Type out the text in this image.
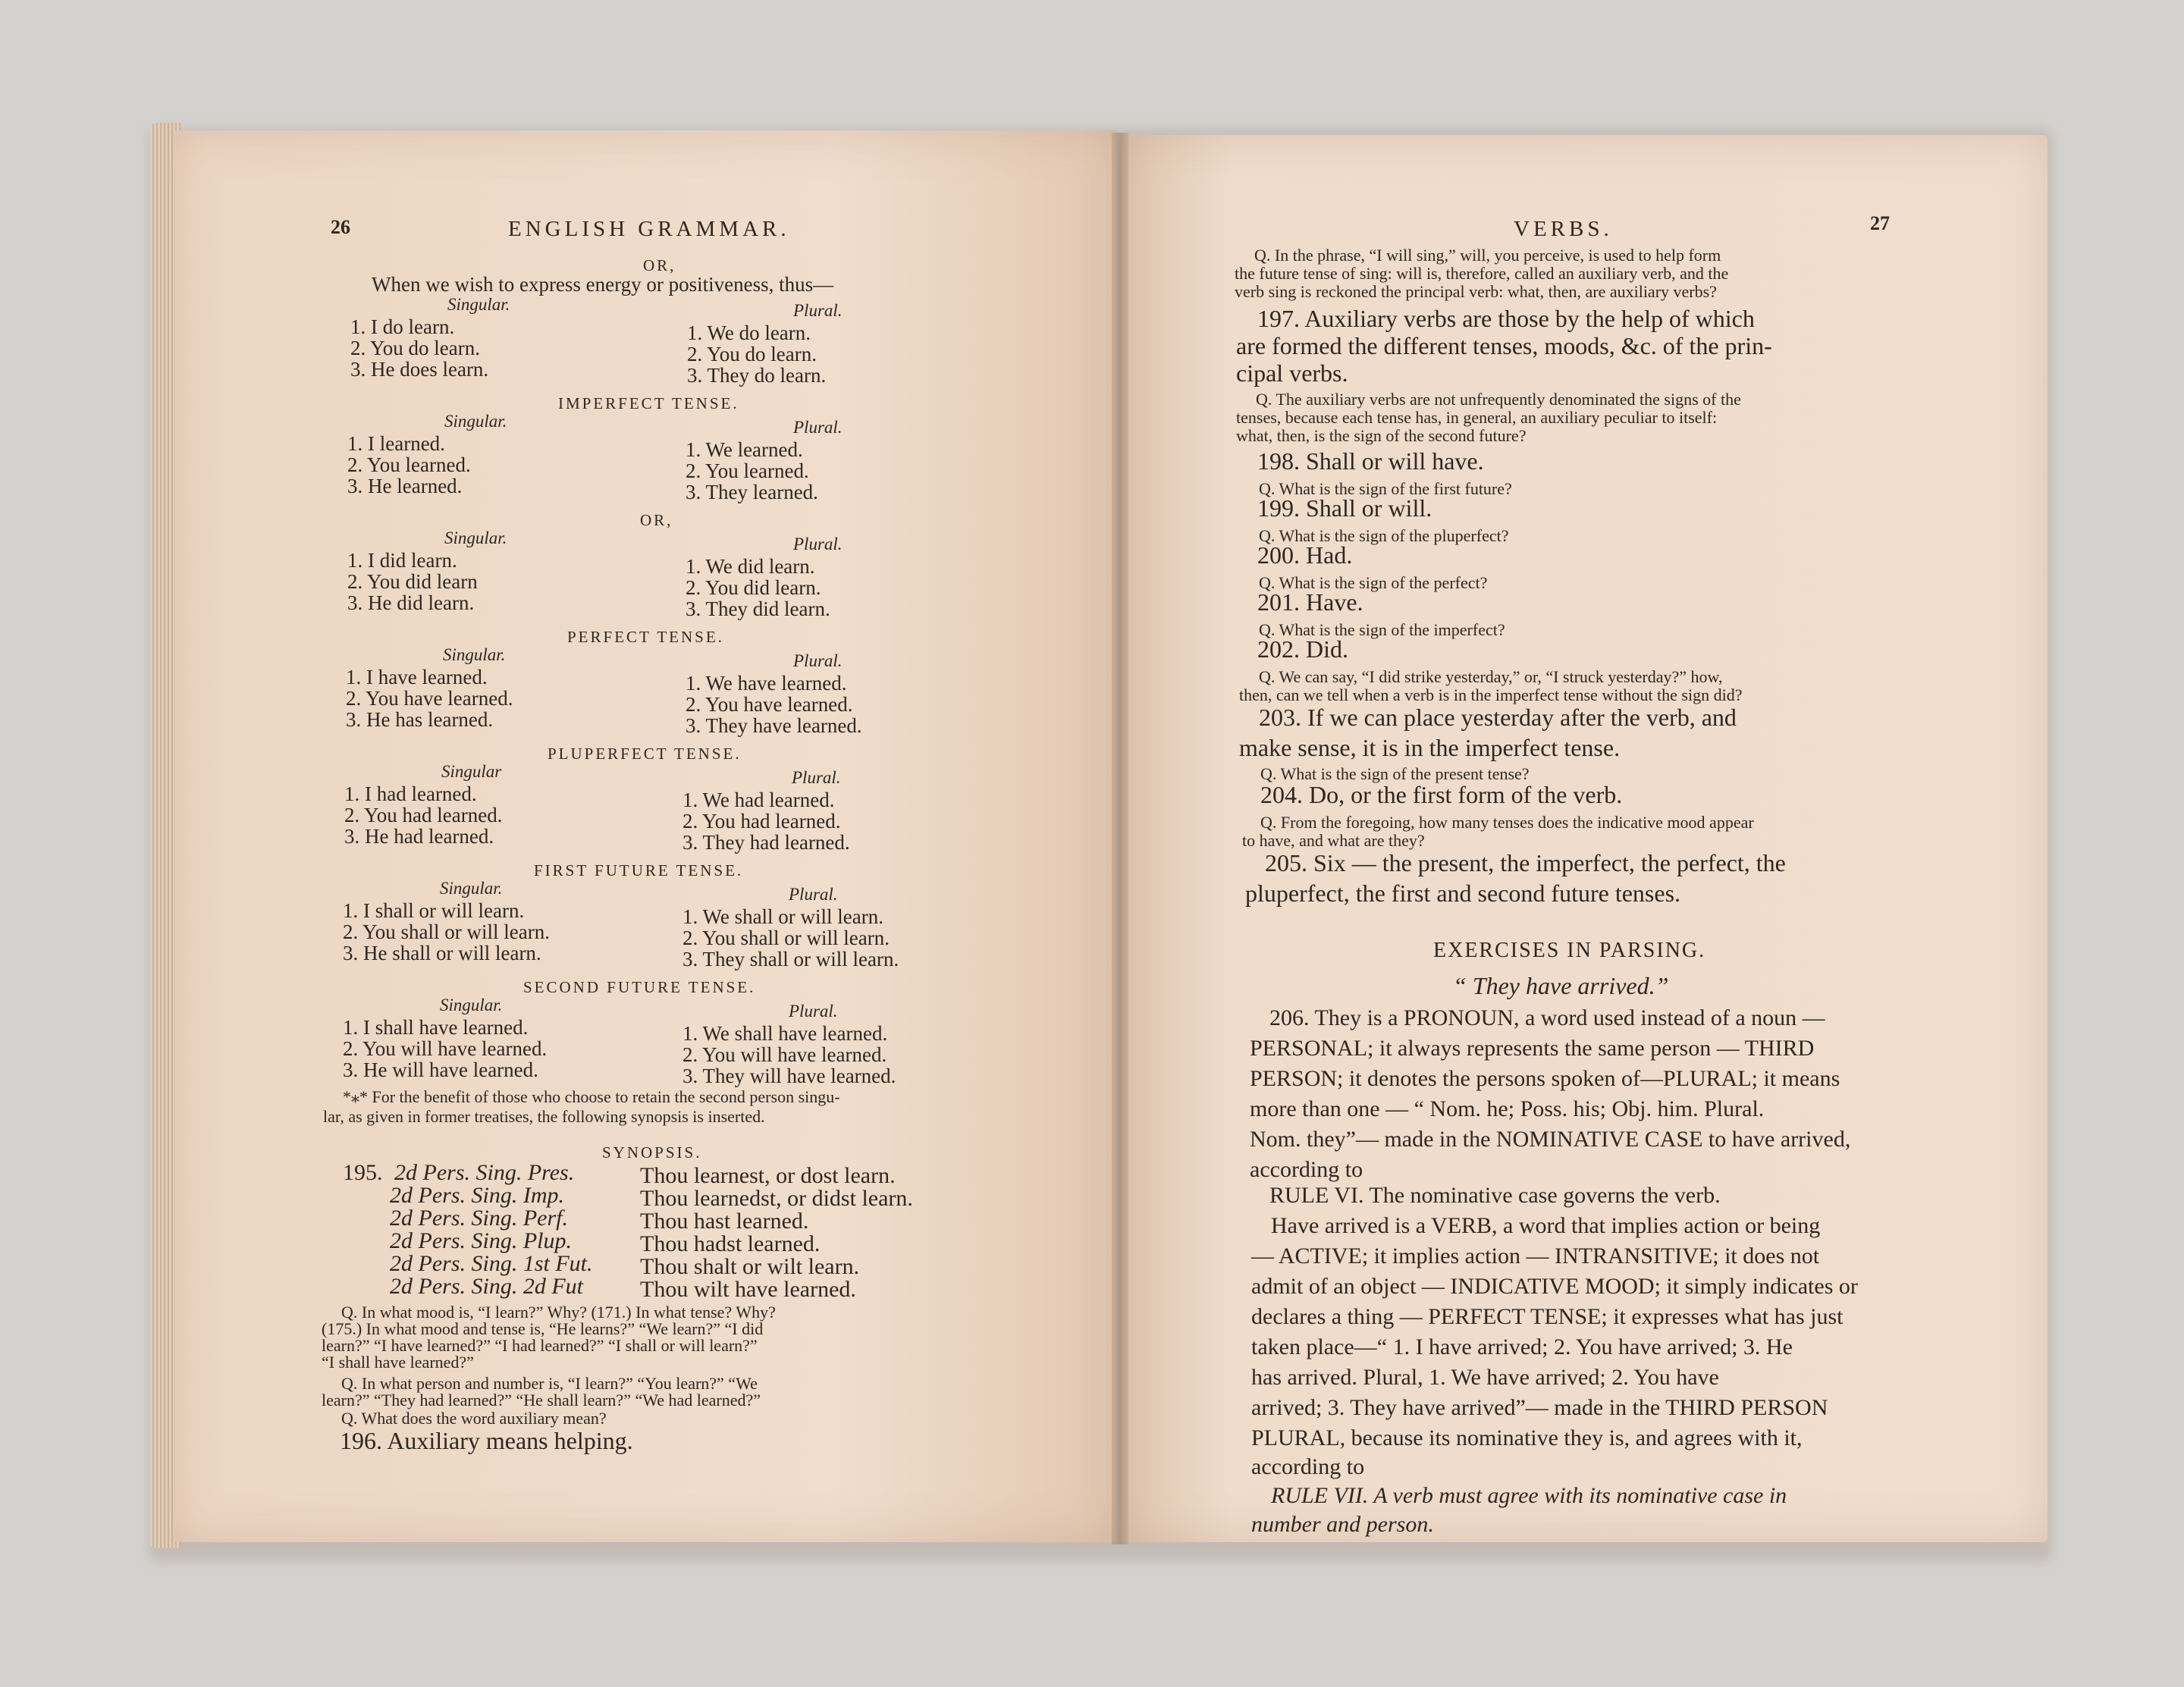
26	ENGLISH GRAMMAR.
OR,
When we wish to express energy or positiveness, thus—
Singular.	Plural.
1. I do learn.
2. You do learn.
3. He does learn.
1. We do learn.
2. You do learn.
3. They do learn.
IMPERFECT TENSE.
Singular.	Plural.
1. I learned.
2. You learned.
3. He learned.
1. We learned.
2. You learned.
3. They learned.
OR,
Singular.	Plural.
1. I did learn.
2. You did learn
3. He did learn.
1. We did learn.
2. You did learn.
3. They did learn.
PERFECT TENSE.
Singular.	Plural.
1. I have learned.
2. You have learned.
3. He has learned.
1. We have learned.
2. You have learned.
3. They have learned.
PLUPERFECT TENSE.
Singular	Plural.
1. I had learned.
2. You had learned.
3. He had learned.
1. We had learned.
2. You had learned.
3. They had learned.
FIRST FUTURE TENSE.
Singular.	Plural.
1. I shall or will learn.
2. You shall or will learn.
3. He shall or will learn.
1. We shall or will learn.
2. You shall or will learn.
3. They shall or will learn.
SECOND FUTURE TENSE.
Singular.	Plural.
1. I shall have learned.
2. You will have learned.
3. He will have learned.
1. We shall have learned.
2. You will have learned.
3. They will have learned.
*⁎* For the benefit of those who choose to retain the second person singu-
lar, as given in former treatises, the following synopsis is inserted.
SYNOPSIS.
195. 2d Pers. Sing. Pres.	Thou learnest, or dost learn.
2d Pers. Sing. Imp.	Thou learnedst, or didst learn.
2d Pers. Sing. Perf.	Thou hast learned.
2d Pers. Sing. Plup.	Thou hadst learned.
2d Pers. Sing. 1st Fut. Thou shalt or wilt learn.
2d Pers. Sing. 2d Fut	Thou wilt have learned.
Q. In what mood is, “I learn?” Why? (171.) In what tense? Why?
(175.) In what mood and tense is, “He learns?” “We learn?” “I did
learn?” “I have learned?” “I had learned?” “I shall or will learn?”
“I shall have learned?”
Q. In what person and number is, “I learn?” “You learn?” “We
learn?” “They had learned?” “He shall learn?” “We had learned?”
Q. What does the word auxiliary mean?
196. Auxiliary means helping.
VERBS.	27
Q. In the phrase, “I will sing,” will, you perceive, is used to help form
the future tense of sing: will is, therefore, called an auxiliary verb, and the
verb sing is reckoned the principal verb: what, then, are auxiliary verbs?
197. Auxiliary verbs are those by the help of which
are formed the different tenses, moods, &c. of the prin-
cipal verbs.
Q. The auxiliary verbs are not unfrequently denominated the signs of the
tenses, because each tense has, in general, an auxiliary peculiar to itself:
what, then, is the sign of the second future?
198. Shall or will have.
Q. What is the sign of the first future?
199. Shall or will.
Q. What is the sign of the pluperfect?
200. Had.
Q. What is the sign of the perfect?
201. Have.
Q. What is the sign of the imperfect?
202. Did.
Q. We can say, “I did strike yesterday,” or, “I struck yesterday?” how,
then, can we tell when a verb is in the imperfect tense without the sign did?
203. If we can place yesterday after the verb, and
make sense, it is in the imperfect tense.
Q. What is the sign of the present tense?
204. Do, or the first form of the verb.
Q. From the foregoing, how many tenses does the indicative mood appear
to have, and what are they?
205. Six — the present, the imperfect, the perfect, the
pluperfect, the first and second future tenses.
EXERCISES IN PARSING.
“ They have arrived.”
206. They is a PRONOUN, a word used instead of a noun —
PERSONAL; it always represents the same person — THIRD
PERSON; it denotes the persons spoken of—PLURAL; it means
more than one — “ Nom. he; Poss. his; Obj. him. Plural.
Nom. they”— made in the NOMINATIVE CASE to have arrived,
according to
RULE VI. The nominative case governs the verb.
Have arrived is a VERB, a word that implies action or being
— ACTIVE; it implies action — INTRANSITIVE; it does not
admit of an object — INDICATIVE MOOD; it simply indicates or
declares a thing — PERFECT TENSE; it expresses what has just
taken place—“ 1. I have arrived; 2. You have arrived; 3. He
has arrived. Plural, 1. We have arrived; 2. You have
arrived; 3. They have arrived”— made in the THIRD PERSON
PLURAL, because its nominative they is, and agrees with it,
according to
RULE VII. A verb must agree with its nominative case in
number and person.
